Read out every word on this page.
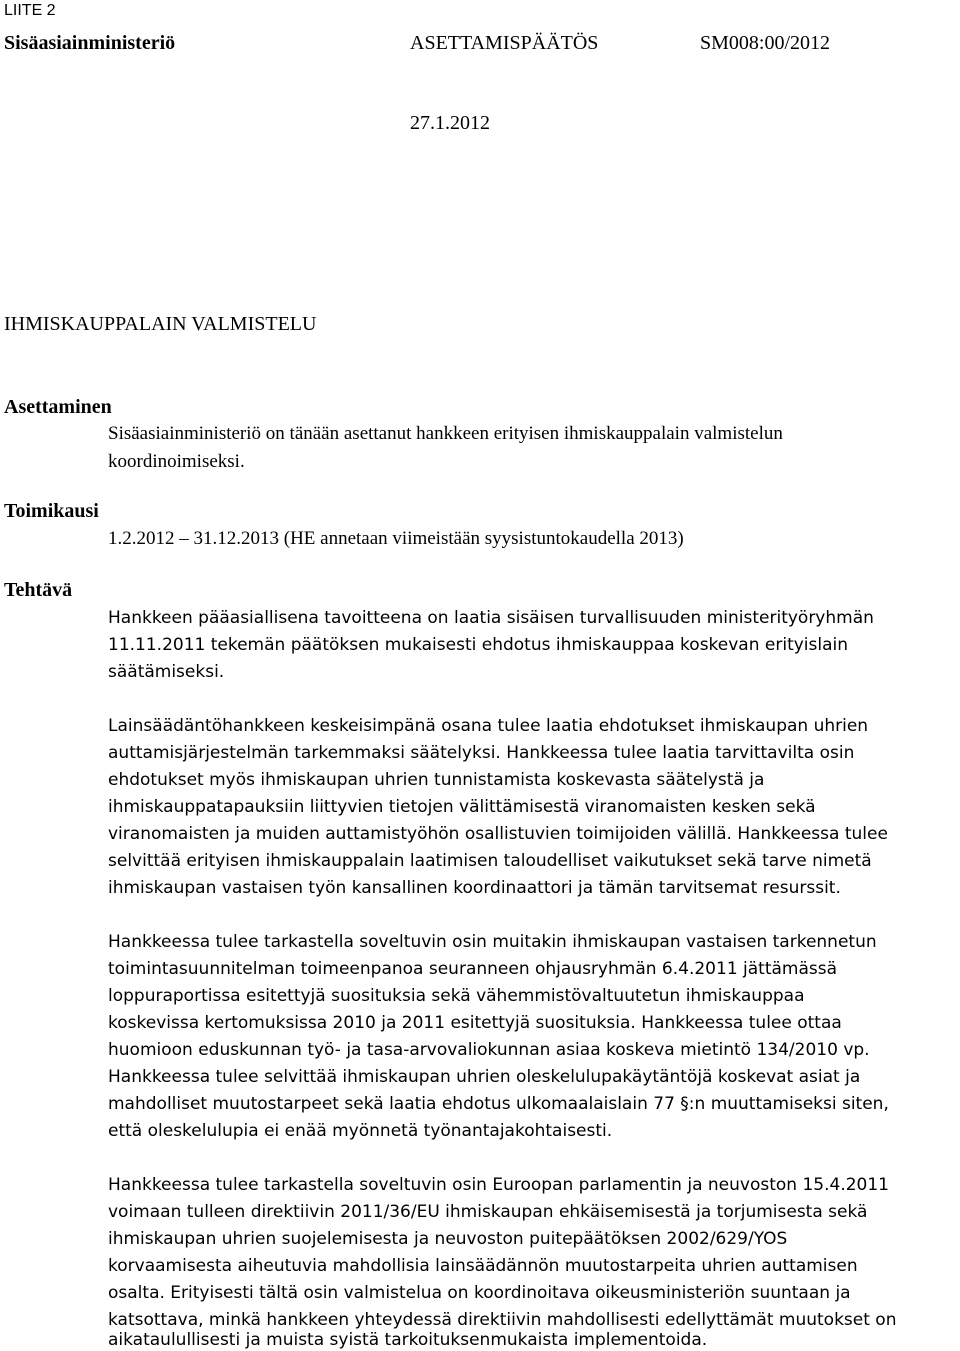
LIITE 2
Sisäasiainministeriö	ASETTAMISPÄÄTÖS	SM008:00/2012
27.1.2012
IHMISKAUPPALAIN VALMISTELU
Asettaminen
Sisäasiainministeriö on tänään asettanut hankkeen erityisen ihmiskauppalain valmistelun
koordinoimiseksi.
Toimikausi
1.2.2012 – 31.12.2013 (HE annetaan viimeistään syysistuntokaudella 2013)
Tehtävä
Hankkeen pääasiallisena tavoitteena on laatia sisäisen turvallisuuden ministerityöryhmän
11.11.2011 tekemän päätöksen mukaisesti ehdotus ihmiskauppaa koskevan erityislain
säätämiseksi.
Lainsäädäntöhankkeen keskeisimpänä osana tulee laatia ehdotukset ihmiskaupan uhrien
auttamisjärjestelmän tarkemmaksi säätelyksi. Hankkeessa tulee laatia tarvittavilta osin
ehdotukset myös ihmiskaupan uhrien tunnistamista koskevasta säätelystä ja
ihmiskauppatapauksiin liittyvien tietojen välittämisestä viranomaisten kesken sekä
viranomaisten ja muiden auttamistyöhön osallistuvien toimijoiden välillä. Hankkeessa tulee
selvittää erityisen ihmiskauppalain laatimisen taloudelliset vaikutukset sekä tarve nimetä
ihmiskaupan vastaisen työn kansallinen koordinaattori ja tämän tarvitsemat resurssit.
Hankkeessa tulee tarkastella soveltuvin osin muitakin ihmiskaupan vastaisen tarkennetun
toimintasuunnitelman toimeenpanoa seuranneen ohjausryhmän 6.4.2011 jättämässä
loppuraportissa esitettyjä suosituksia sekä vähemmistövaltuutetun ihmiskauppaa
koskevissa kertomuksissa 2010 ja 2011 esitettyjä suosituksia. Hankkeessa tulee ottaa
huomioon eduskunnan työ- ja tasa-arvovaliokunnan asiaa koskeva mietintö 134/2010 vp.
Hankkeessa tulee selvittää ihmiskaupan uhrien oleskelulupakäytäntöjä koskevat asiat ja
mahdolliset muutostarpeet sekä laatia ehdotus ulkomaalaislain 77 §:n muuttamiseksi siten,
että oleskelulupia ei enää myönnetä työnantajakohtaisesti.
Hankkeessa tulee tarkastella soveltuvin osin Euroopan parlamentin ja neuvoston 15.4.2011
voimaan tulleen direktiivin 2011/36/EU ihmiskaupan ehkäisemisestä ja torjumisesta sekä
ihmiskaupan uhrien suojelemisesta ja neuvoston puitepäätöksen 2002/629/YOS
korvaamisesta aiheutuvia mahdollisia lainsäädännön muutostarpeita uhrien auttamisen
osalta. Erityisesti tältä osin valmistelua on koordinoitava oikeusministeriön suuntaan ja
katsottava, minkä hankkeen yhteydessä direktiivin mahdollisesti edellyttämät muutokset on
aikataulullisesti ja muista syistä tarkoituksenmukaista implementoida.
